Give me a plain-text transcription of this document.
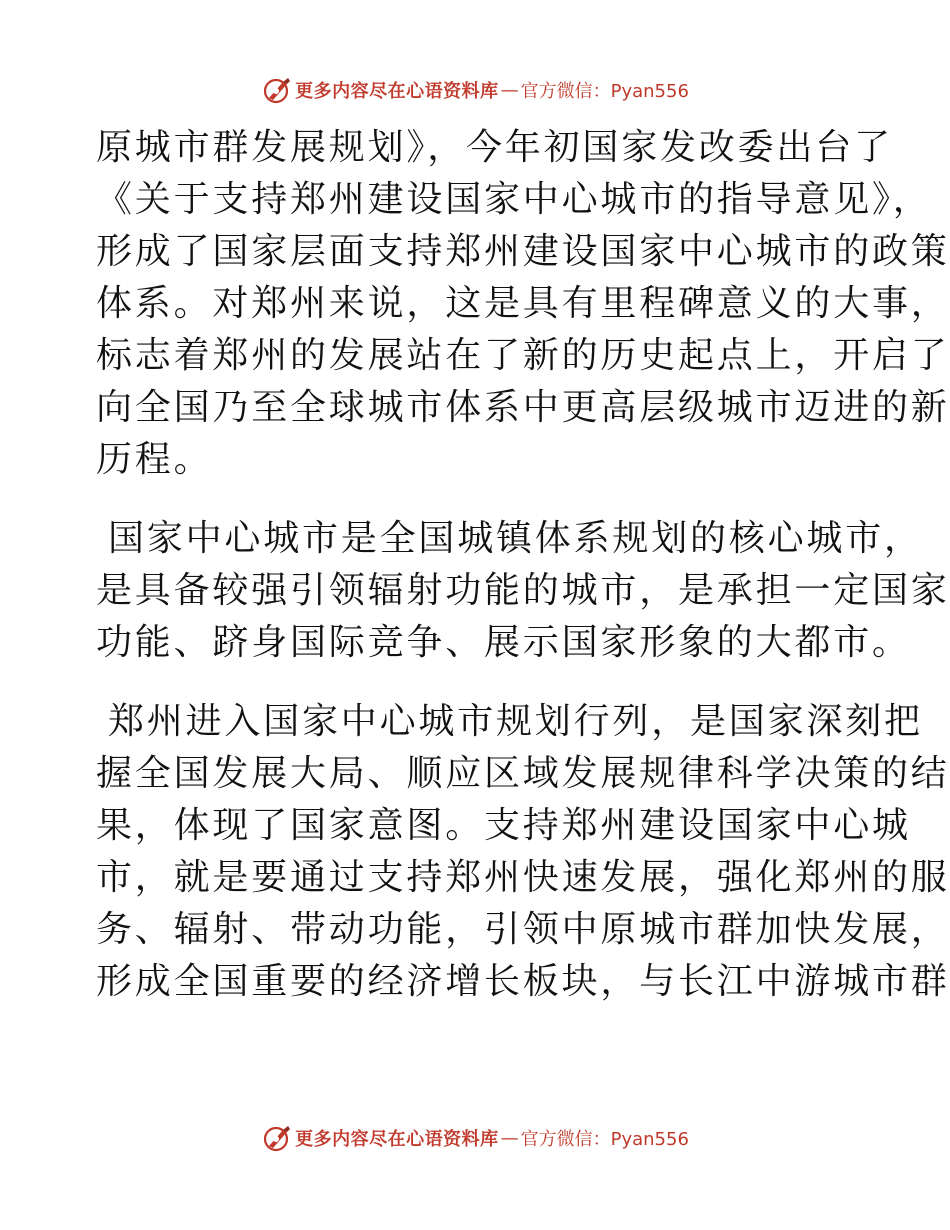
更多内容尽在心语资料库 — 官方微信：Pyan556
原城市群发展规划》，今年初国家发改委出台了
《关于支持郑州建设国家中心城市的指导意见》，
形成了国家层面支持郑州建设国家中心城市的政策
体系。对郑州来说，这是具有里程碑意义的大事，
标志着郑州的发展站在了新的历史起点上，开启了
向全国乃至全球城市体系中更高层级城市迈进的新
历程。
国家中心城市是全国城镇体系规划的核心城市，
是具备较强引领辐射功能的城市，是承担一定国家
功能、跻身国际竞争、展示国家形象的大都市。
郑州进入国家中心城市规划行列，是国家深刻把
握全国发展大局、顺应区域发展规律科学决策的结
果，体现了国家意图。支持郑州建设国家中心城
市，就是要通过支持郑州快速发展，强化郑州的服
务、辐射、带动功能，引领中原城市群加快发展，
形成全国重要的经济增长板块，与长江中游城市群
更多内容尽在心语资料库 — 官方微信：Pyan556
